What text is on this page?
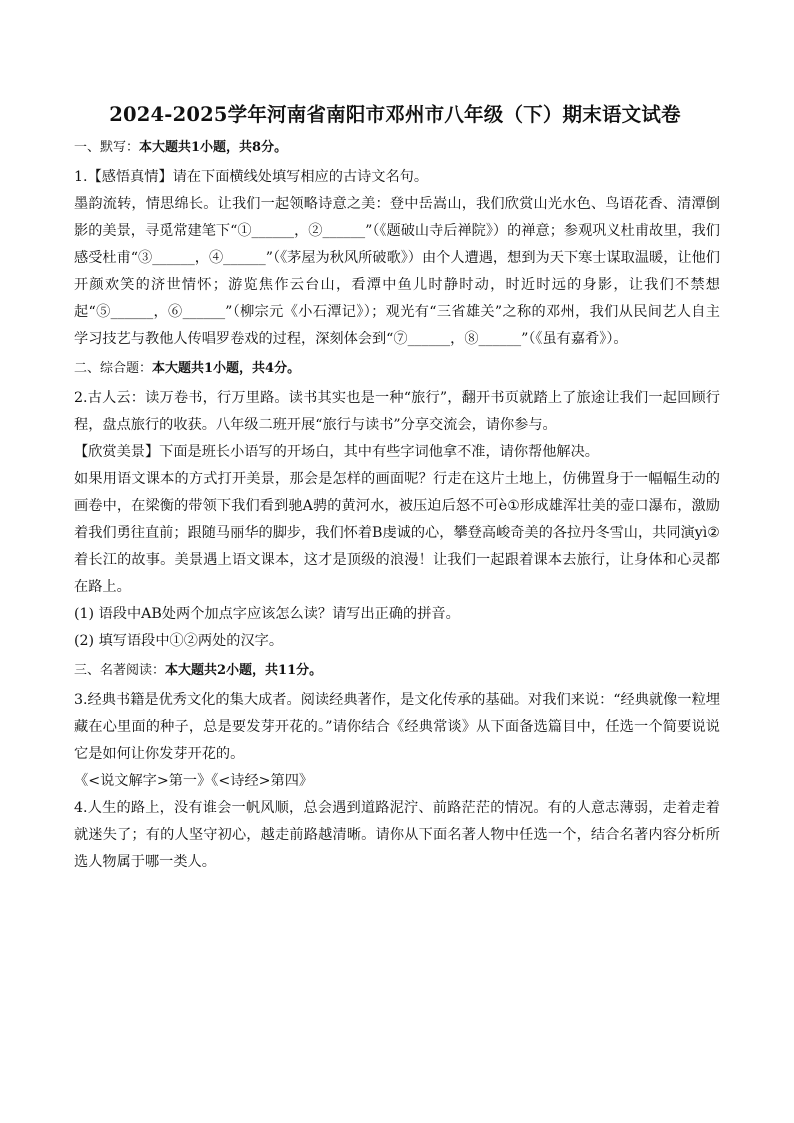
2024-2025学年河南省南阳市邓州市八年级（下）期末语文试卷
一、默写：本大题共1小题，共8分。

1.【感悟真情】请在下面横线处填写相应的古诗文名句。

墨韵流转，情思绵长。让我们一起领略诗意之美：登中岳嵩山，我们欣赏山光水色、鸟语花香、清潭倒影的美景，寻觅常建笔下“①______，②______”（《题破山寺后禅院》）的禅意；参观巩义杜甫故里，我们感受杜甫“③______，④______”（《茅屋为秋风所破歌》）由个人遭遇，想到为天下寒士谋取温暖，让他们开颜欢笑的济世情怀；游览焦作云台山，看潭中鱼儿时静时动，时近时远的身影，让我们不禁想起“⑤______，⑥______”（柳宗元《小石潭记》）；观光有“三省雄关”之称的邓州，我们从民间艺人自主学习技艺与教他人传唱罗卷戏的过程，深刻体会到“⑦______，⑧______”（《虽有嘉肴》）。

二、综合题：本大题共1小题，共4分。

2.古人云：读万卷书，行万里路。读书其实也是一种“旅行”，翻开书页就踏上了旅途让我们一起回顾行程，盘点旅行的收获。八年级二班开展“旅行与读书”分享交流会，请你参与。

【欣赏美景】下面是班长小语写的开场白，其中有些字词他拿不准，请你帮他解决。

如果用语文课本的方式打开美景，那会是怎样的画面呢？行走在这片土地上，仿佛置身于一幅幅生动的画卷中，在梁衡的带领下我们看到驰A骋的黄河水，被压迫后怒不可è①形成雄浑壮美的壶口瀑布，激励着我们勇往直前；跟随马丽华的脚步，我们怀着B虔诚的心，攀登高峻奇美的各拉丹冬雪山，共同演yì②着长江的故事。美景遇上语文课本，这才是顶级的浪漫！让我们一起跟着课本去旅行，让身体和心灵都在路上。

(1) 语段中AB处两个加点字应该怎么读？请写出正确的拼音。

(2) 填写语段中①②两处的汉字。

三、名著阅读：本大题共2小题，共11分。

3.经典书籍是优秀文化的集大成者。阅读经典著作，是文化传承的基础。对我们来说：“经典就像一粒埋藏在心里面的种子，总是要发芽开花的。”请你结合《经典常谈》从下面备选篇目中，任选一个简要说说它是如何让你发芽开花的。

《<说文解字>第一》《<诗经>第四》

4.人生的路上，没有谁会一帆风顺，总会遇到道路泥泞、前路茫茫的情况。有的人意志薄弱，走着走着就迷失了；有的人坚守初心，越走前路越清晰。请你从下面名著人物中任选一个，结合名著内容分析所选人物属于哪一类人。
